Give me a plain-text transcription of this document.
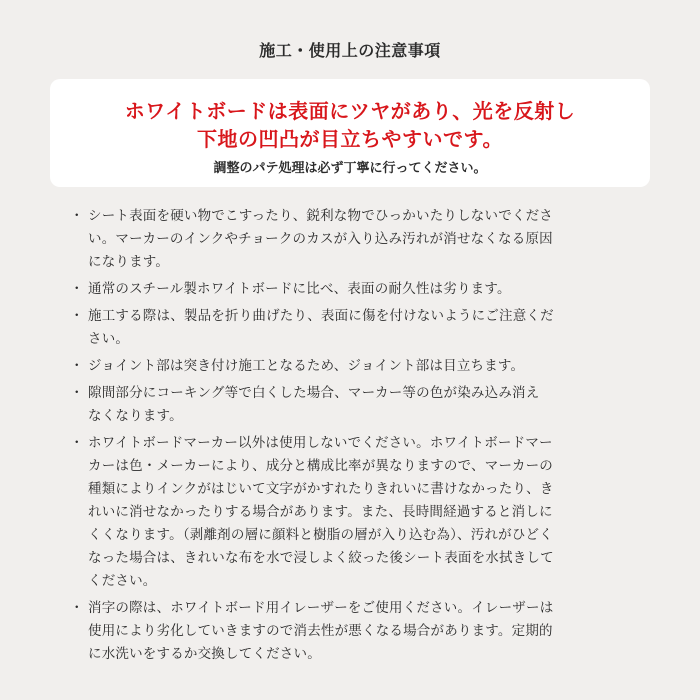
施工・使用上の注意事項
ホワイトボードは表面にツヤがあり、光を反射し
下地の凹凸が目立ちやすいです。
調整のパテ処理は必ず丁寧に行ってください。
・ シート表面を硬い物でこすったり、鋭利な物でひっかいたりしないでくださ
い。マーカーのインクやチョークのカスが入り込み汚れが消せなくなる原因
になります。
・ 通常のスチール製ホワイトボードに比べ、表面の耐久性は劣ります。
・ 施工する際は、製品を折り曲げたり、表面に傷を付けないようにご注意くだ
さい。
・ ジョイント部は突き付け施工となるため、ジョイント部は目立ちます。
・ 隙間部分にコーキング等で白くした場合、マーカー等の色が染み込み消え
なくなります。
・ ホワイトボードマーカー以外は使用しないでください。ホワイトボードマー
カーは色・メーカーにより、成分と構成比率が異なりますので、マーカーの
種類によりインクがはじいて文字がかすれたりきれいに書けなかったり、き
れいに消せなかったりする場合があります。また、長時間経過すると消しに
くくなります。（剥離剤の層に顔料と樹脂の層が入り込む為）、汚れがひどく
なった場合は、きれいな布を水で浸しよく絞った後シート表面を水拭きして
ください。
・ 消字の際は、ホワイトボード用イレーザーをご使用ください。イレーザーは
使用により劣化していきますので消去性が悪くなる場合があります。定期的
に水洗いをするか交換してください。
